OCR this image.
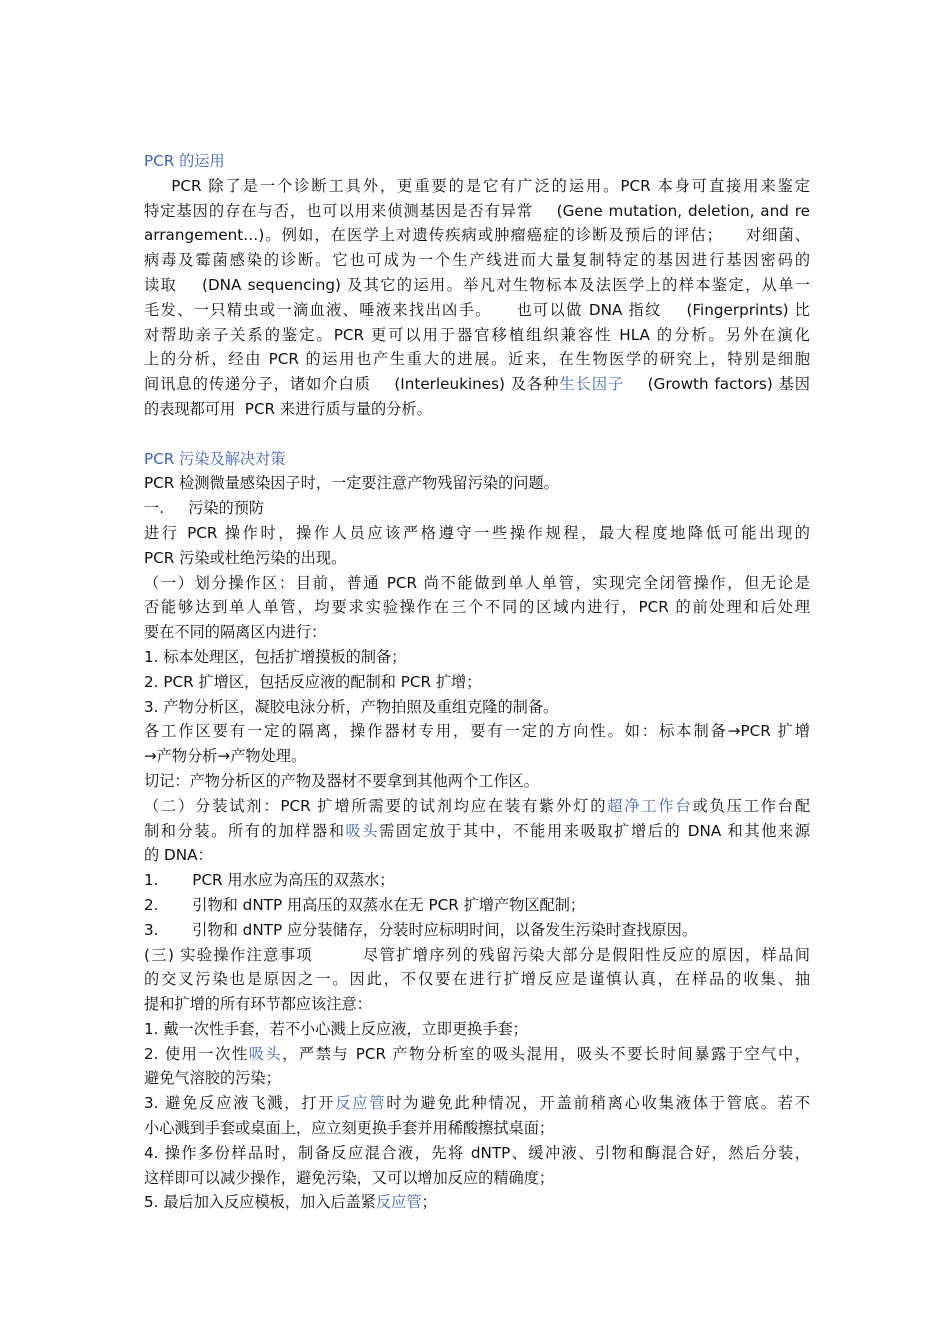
PCR 的运用
PCR 除了是一个诊断工具外，更重要的是它有广泛的运用。PCR 本身可直接用来鉴定
特定基因的存在与否，也可以用来侦测基因是否有异常    (Gene mutation, deletion, and re
arrangement…)。例如，在医学上对遗传疾病或肿瘤癌症的诊断及预后的评估；    对细菌、
病毒及霉菌感染的诊断。它也可成为一个生产线进而大量复制特定的基因进行基因密码的
读取    (DNA sequencing) 及其它的运用。举凡对生物标本及法医学上的样本鉴定，从单一
毛发、一只精虫或一滴血液、唾液来找出凶手。    也可以做 DNA 指纹    (Fingerprints) 比
对帮助亲子关系的鉴定。PCR 更可以用于器官移植组织兼容性 HLA 的分析。另外在演化
上的分析，经由 PCR 的运用也产生重大的进展。近来，在生物医学的研究上，特别是细胞
间讯息的传递分子，诸如介白质    (Interleukines) 及各种生长因子    (Growth factors) 基因
的表现都可用  PCR 来进行质与量的分析。
PCR 污染及解决对策
PCR 检测微量感染因子时，一定要注意产物残留污染的问题。
一.     污染的预防
进行 PCR 操作时，操作人员应该严格遵守一些操作规程，最大程度地降低可能出现的
PCR 污染或杜绝污染的出现。
（一）划分操作区：目前，普通 PCR 尚不能做到单人单管，实现完全闭管操作，但无论是
否能够达到单人单管，均要求实验操作在三个不同的区域内进行，PCR 的前处理和后处理
要在不同的隔离区内进行：
1. 标本处理区，包括扩增摸板的制备；
2. PCR 扩增区，包括反应液的配制和 PCR 扩增；
3. 产物分析区，凝胶电泳分析，产物拍照及重组克隆的制备。
各工作区要有一定的隔离，操作器材专用，要有一定的方向性。如：标本制备→PCR 扩增
→产物分析→产物处理。
切记：产物分析区的产物及器材不要拿到其他两个工作区。
（二）分装试剂：PCR 扩增所需要的试剂均应在装有紫外灯的超净工作台或负压工作台配
制和分装。所有的加样器和吸头需固定放于其中，不能用来吸取扩增后的 DNA 和其他来源
的 DNA：
1.       PCR 用水应为高压的双蒸水；
2.       引物和 dNTP 用高压的双蒸水在无 PCR 扩增产物区配制；
3.       引物和 dNTP 应分装储存，分装时应标明时间，以备发生污染时查找原因。
(三) 实验操作注意事项        尽管扩增序列的残留污染大部分是假阳性反应的原因，样品间
的交叉污染也是原因之一。因此，不仅要在进行扩增反应是谨慎认真，在样品的收集、抽
提和扩增的所有环节都应该注意：
1. 戴一次性手套，若不小心溅上反应液，立即更换手套；
2. 使用一次性吸头，严禁与 PCR 产物分析室的吸头混用，吸头不要长时间暴露于空气中，
避免气溶胶的污染；
3. 避免反应液飞溅，打开反应管时为避免此种情况，开盖前稍离心收集液体于管底。若不
小心溅到手套或桌面上，应立刻更换手套并用稀酸擦拭桌面；
4. 操作多份样品时，制备反应混合液，先将 dNTP、缓冲液、引物和酶混合好，然后分装，
这样即可以减少操作，避免污染，又可以增加反应的精确度；
5. 最后加入反应模板，加入后盖紧反应管；
